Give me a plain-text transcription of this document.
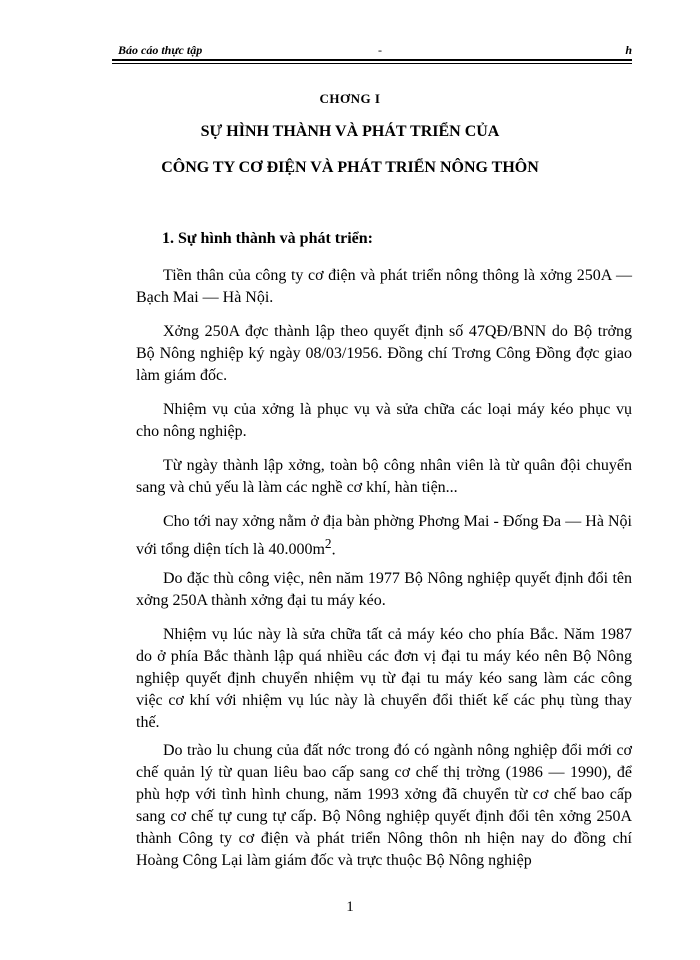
Báo cáo thực tập	-	h
CHƠNG I
SỰ HÌNH THÀNH VÀ PHÁT TRIỂN CỦA
CÔNG TY CƠ ĐIỆN VÀ PHÁT TRIỂN NÔNG THÔN
1. Sự hình thành và phát triển:
Tiền thân của công ty cơ điện và phát triển nông thông là xởng 250A — Bạch Mai — Hà Nội.
Xởng 250A đợc thành lập theo quyết định số 47QĐ/BNN do Bộ trởng Bộ Nông nghiệp ký ngày 08/03/1956. Đồng chí Trơng Công Đồng đợc giao làm giám đốc.
Nhiệm vụ của xởng là phục vụ và sửa chữa các loại máy kéo phục vụ cho nông nghiệp.
Từ ngày thành lập xởng, toàn bộ công nhân viên là từ quân đội chuyển sang và chủ yếu là làm các nghề cơ khí, hàn tiện...
Cho tới nay xởng nằm ở địa bàn phờng Phơng Mai - Đống Đa — Hà Nội với tổng diện tích là $40.000m^2$.
Do đặc thù công việc, nên năm 1977 Bộ Nông nghiệp quyết định đổi tên xởng 250A thành xởng đại tu máy kéo.
Nhiệm vụ lúc này là sửa chữa tất cả máy kéo cho phía Bắc. Năm 1987 do ở phía Bắc thành lập quá nhiều các đơn vị đại tu máy kéo nên Bộ Nông nghiệp quyết định chuyển nhiệm vụ từ đại tu máy kéo sang làm các công việc cơ khí với nhiệm vụ lúc này là chuyển đổi thiết kế các phụ tùng thay thế.
Do trào lu chung của đất nớc trong đó có ngành nông nghiệp đổi mới cơ chế quản lý từ quan liêu bao cấp sang cơ chế thị trờng (1986 — 1990), để phù hợp với tình hình chung, năm 1993 xởng đã chuyển từ cơ chế bao cấp sang cơ chế tự cung tự cấp. Bộ Nông nghiệp quyết định đổi tên xởng 250A thành Công ty cơ điện và phát triển Nông thôn nh hiện nay do đồng chí Hoàng Công Lại làm giám đốc và trực thuộc Bộ Nông nghiệp
1
